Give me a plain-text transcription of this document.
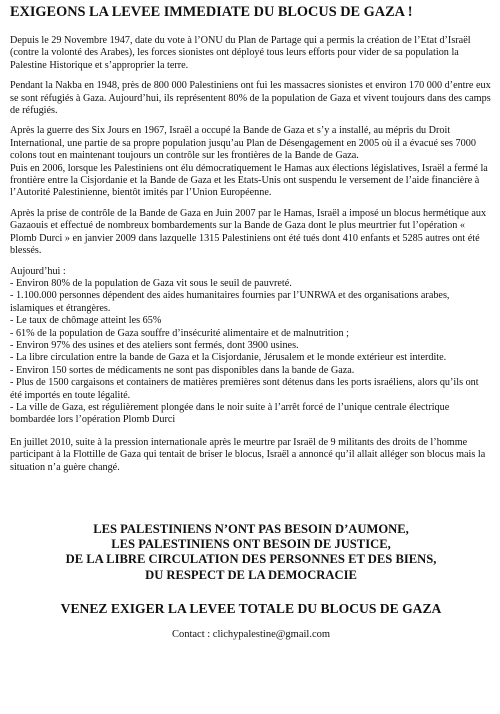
EXIGEONS LA LEVEE IMMEDIATE DU BLOCUS DE GAZA !

Depuis le 29 Novembre 1947, date du vote à l’ONU du Plan de Partage qui a permis la création de l’Etat d’Israël (contre la volonté des Arabes), les forces sionistes ont déployé tous leurs efforts pour vider de sa population la Palestine Historique et s’approprier la terre.

Pendant la Nakba en 1948, près de 800 000 Palestiniens ont fui les massacres sionistes et environ 170 000 d’entre eux se sont réfugiés à Gaza. Aujourd’hui, ils représentent 80% de la population de Gaza et vivent toujours dans des camps de réfugiés.

Après la guerre des Six Jours en 1967, Israël a occupé la Bande de Gaza et s’y a installé, au mépris du Droit International, une partie de sa propre population jusqu’au Plan de Désengagement en 2005 où il a évacué ses 7000 colons tout en maintenant toujours un contrôle sur les frontières de la Bande de Gaza.

Puis en 2006, lorsque les Palestiniens ont élu démocratiquement le Hamas aux élections législatives, Israël a fermé la frontière entre la Cisjordanie et la Bande de Gaza et les Etats-Unis ont suspendu le versement de l’aide financière à l’Autorité Palestinienne, bientôt imités par l’Union Européenne.

Après la prise de contrôle de la Bande de Gaza en Juin 2007 par le Hamas, Israël a imposé un blocus hermétique aux Gazaouis et effectué de nombreux bombardements sur la Bande de Gaza dont le plus meurtrier fut l’opération « Plomb Durci » en janvier 2009 dans lazquelle 1315 Palestiniens ont été tués dont 410 enfants et 5285 autres ont été blessés.

Aujourd’hui :
- Environ 80% de la population de Gaza vit sous le seuil de pauvreté.
- 1.100.000 personnes dépendent des aides humanitaires fournies par l’UNRWA et des organisations arabes, islamiques et étrangères.
- Le taux de chômage atteint les 65%
- 61% de la population de Gaza souffre d’insécurité alimentaire et de malnutrition ;
- Environ 97% des usines et des ateliers sont fermés, dont 3900 usines.
- La libre circulation entre la bande de Gaza et la Cisjordanie, Jérusalem et le monde extérieur est interdite.
- Environ 150 sortes de médicaments ne sont pas disponibles dans la bande de Gaza.
- Plus de 1500 cargaisons et containers de matières premières sont détenus dans les ports israéliens, alors qu’ils ont été importés en toute légalité.
- La ville de Gaza, est régulièrement plongée dans le noir suite à l’arrêt forcé de l’unique centrale électrique bombardée lors l’opération Plomb Durci

En juillet 2010, suite à la pression internationale après le meurtre par Israël de 9 militants des droits de l’homme participant à la Flottille de Gaza qui tentait de briser le blocus, Israël a annoncé qu’il allait alléger son blocus mais la situation n’a guère changé.

LES PALESTINIENS N’ONT PAS BESOIN D’AUMONE,
LES PALESTINIENS ONT BESOIN DE JUSTICE,
DE LA LIBRE CIRCULATION DES PERSONNES ET DES BIENS,
DU RESPECT DE LA DEMOCRACIE
VENEZ EXIGER LA LEVEE TOTALE DU BLOCUS DE GAZA
Contact : clichypalestine@gmail.com
